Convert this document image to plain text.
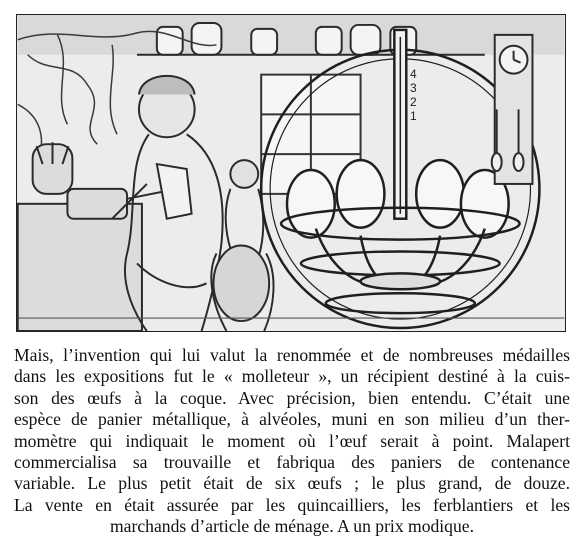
4
3
2
1
Mais, l’invention qui lui valut la renommée et de nombreuses médailles
dans les expositions fut le « molleteur », un récipient destiné à la cuis-
son des œufs à la coque. Avec précision, bien entendu. C’était une
espèce de panier métallique, à alvéoles, muni en son milieu d’un ther-
momètre qui indiquait le moment où l’œuf serait à point. Malapert
commercialisa sa trouvaille et fabriqua des paniers de contenance
variable. Le plus petit était de six œufs ; le plus grand, de douze.
La vente en était assurée par les quincailliers, les ferblantiers et les
marchands d’article de ménage. A un prix modique.
